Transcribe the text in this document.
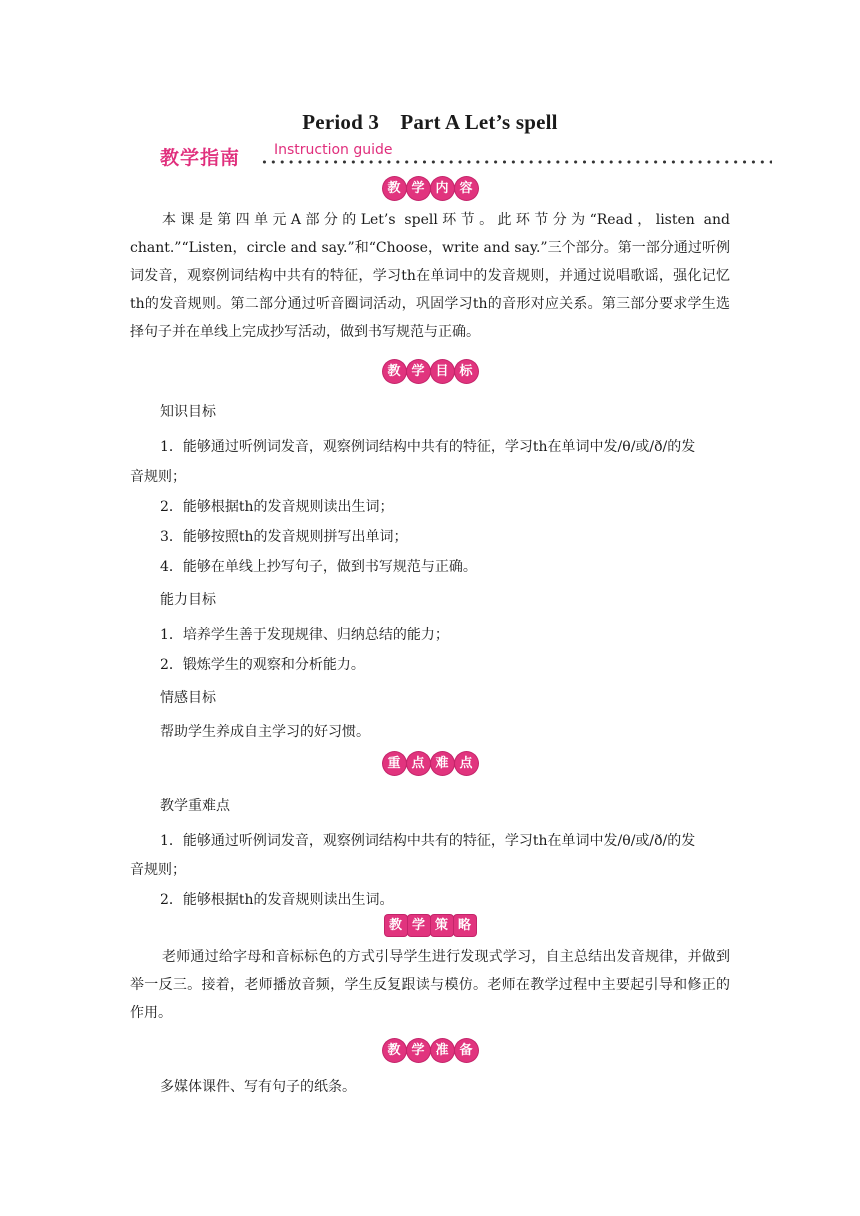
Period 3　Part A Let’s spell
教学指南 Instruction guide
教 学 内 容
本课是第四单元A部分的Let’s spell环节。此环节分为“Read，listen and chant.”“Listen，circle and say.”和“Choose，write and say.”三个部分。第一部分通过听例词发音，观察例词结构中共有的特征，学习th在单词中的发音规则，并通过说唱歌谣，强化记忆th的发音规则。第二部分通过听音圈词活动，巩固学习th的音形对应关系。第三部分要求学生选择句子并在单线上完成抄写活动，做到书写规范与正确。
教 学 目 标
知识目标
1．能够通过听例词发音，观察例词结构中共有的特征，学习th在单词中发/θ/或/ð/的发
音规则；
2．能够根据th的发音规则读出生词；
3．能够按照th的发音规则拼写出单词；
4．能够在单线上抄写句子，做到书写规范与正确。
能力目标
1．培养学生善于发现规律、归纳总结的能力；
2．锻炼学生的观察和分析能力。
情感目标
帮助学生养成自主学习的好习惯。
重 点 难 点
教学重难点
1．能够通过听例词发音，观察例词结构中共有的特征，学习th在单词中发/θ/或/ð/的发
音规则；
2．能够根据th的发音规则读出生词。
教 学 策 略
老师通过给字母和音标标色的方式引导学生进行发现式学习，自主总结出发音规律，并做到举一反三。接着，老师播放音频，学生反复跟读与模仿。老师在教学过程中主要起引导和修正的作用。
教 学 准 备
多媒体课件、写有句子的纸条。
